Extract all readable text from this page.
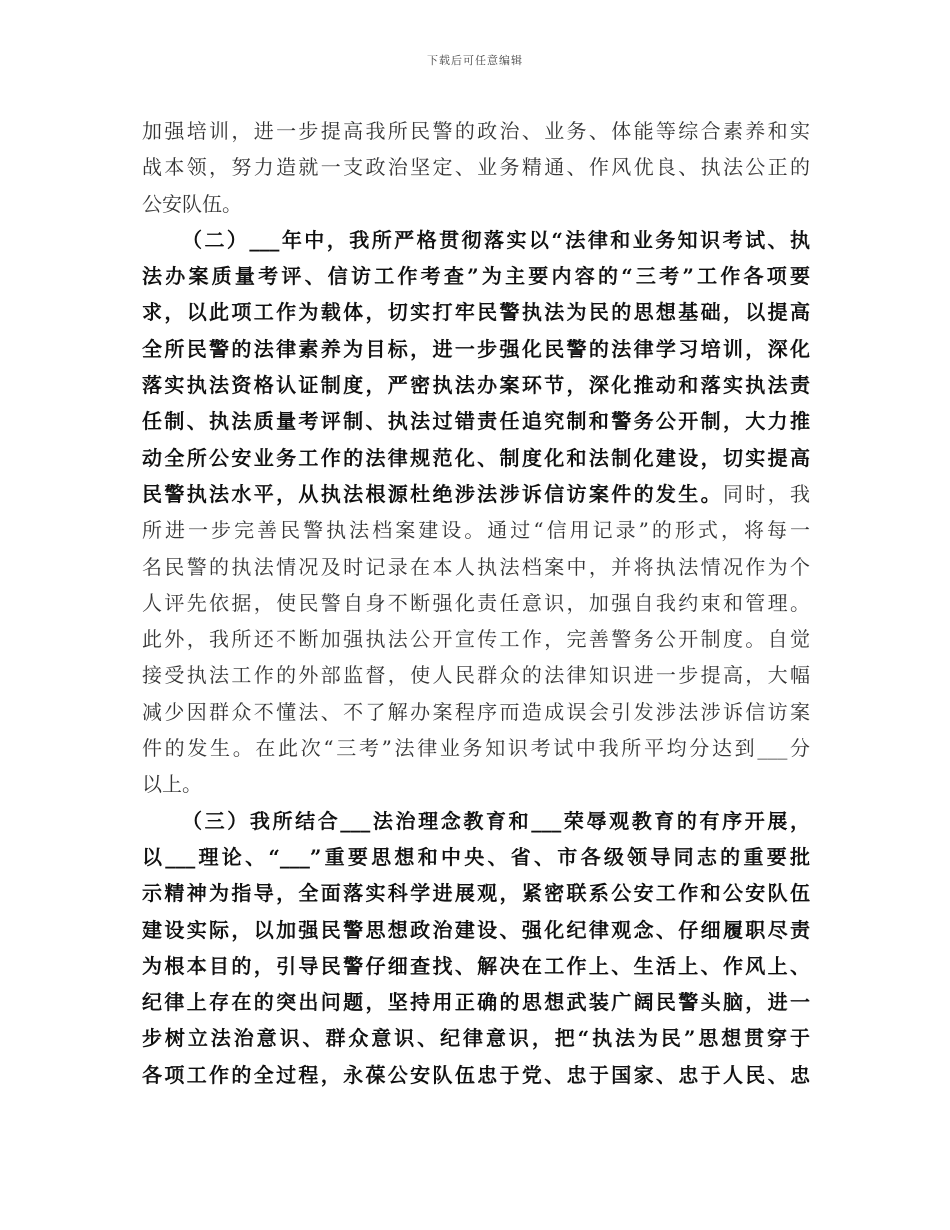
下载后可任意编辑
加强培训，进一步提高我所民警的政治、业务、体能等综合素养和实
战本领，努力造就一支政治坚定、业务精通、作风优良、执法公正的
公安队伍。
（二）___年中，我所严格贯彻落实以“法律和业务知识考试、执
法办案质量考评、信访工作考查”为主要内容的“三考”工作各项要
求，以此项工作为载体，切实打牢民警执法为民的思想基础，以提高
全所民警的法律素养为目标，进一步强化民警的法律学习培训，深化
落实执法资格认证制度，严密执法办案环节，深化推动和落实执法责
任制、执法质量考评制、执法过错责任追究制和警务公开制，大力推
动全所公安业务工作的法律规范化、制度化和法制化建设，切实提高
民警执法水平，从执法根源杜绝涉法涉诉信访案件的发生。同时，我
所进一步完善民警执法档案建设。通过“信用记录”的形式，将每一
名民警的执法情况及时记录在本人执法档案中，并将执法情况作为个
人评先依据，使民警自身不断强化责任意识，加强自我约束和管理。
此外，我所还不断加强执法公开宣传工作，完善警务公开制度。自觉
接受执法工作的外部监督，使人民群众的法律知识进一步提高，大幅
减少因群众不懂法、不了解办案程序而造成误会引发涉法涉诉信访案
件的发生。在此次“三考”法律业务知识考试中我所平均分达到___分
以上。
（三）我所结合___法治理念教育和___荣辱观教育的有序开展，
以___理论、“___”重要思想和中央、省、市各级领导同志的重要批
示精神为指导，全面落实科学进展观，紧密联系公安工作和公安队伍
建设实际，以加强民警思想政治建设、强化纪律观念、仔细履职尽责
为根本目的，引导民警仔细查找、解决在工作上、生活上、作风上、
纪律上存在的突出问题，坚持用正确的思想武装广阔民警头脑，进一
步树立法治意识、群众意识、纪律意识，把“执法为民”思想贯穿于
各项工作的全过程，永葆公安队伍忠于党、忠于国家、忠于人民、忠
